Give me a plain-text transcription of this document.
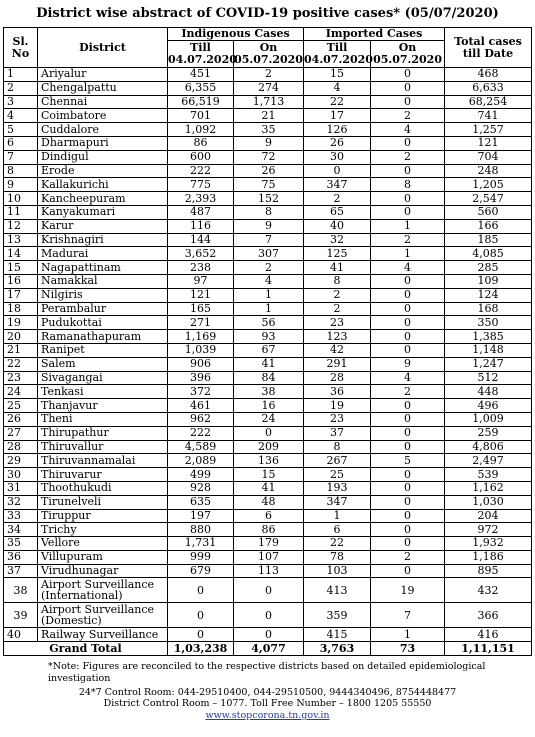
District wise abstract of COVID-19 positive cases* (05/07/2020)
Sl. No	District	Indigenous Cases		Imported Cases		Total cases till Date
		Till 04.07.2020	On 05.07.2020	Till 04.07.2020	On 05.07.2020	
1	Ariyalur	451	2	15	0	468
2	Chengalpattu	6,355	274	4	0	6,633
3	Chennai	66,519	1,713	22	0	68,254
4	Coimbatore	701	21	17	2	741
5	Cuddalore	1,092	35	126	4	1,257
6	Dharmapuri	86	9	26	0	121
7	Dindigul	600	72	30	2	704
8	Erode	222	26	0	0	248
9	Kallakurichi	775	75	347	8	1,205
10	Kancheepuram	2,393	152	2	0	2,547
11	Kanyakumari	487	8	65	0	560
12	Karur	116	9	40	1	166
13	Krishnagiri	144	7	32	2	185
14	Madurai	3,652	307	125	1	4,085
15	Nagapattinam	238	2	41	4	285
16	Namakkal	97	4	8	0	109
17	Nilgiris	121	1	2	0	124
18	Perambalur	165	1	2	0	168
19	Pudukottai	271	56	23	0	350
20	Ramanathapuram	1,169	93	123	0	1,385
21	Ranipet	1,039	67	42	0	1,148
22	Salem	906	41	291	9	1,247
23	Sivagangai	396	84	28	4	512
24	Tenkasi	372	38	36	2	448
25	Thanjavur	461	16	19	0	496
26	Theni	962	24	23	0	1,009
27	Thirupathur	222	0	37	0	259
28	Thiruvallur	4,589	209	8	0	4,806
29	Thiruvannamalai	2,089	136	267	5	2,497
30	Thiruvarur	499	15	25	0	539
31	Thoothukudi	928	41	193	0	1,162
32	Tirunelveli	635	48	347	0	1,030
33	Tiruppur	197	6	1	0	204
34	Trichy	880	86	6	0	972
35	Vellore	1,731	179	22	0	1,932
36	Villupuram	999	107	78	2	1,186
37	Virudhunagar	679	113	103	0	895
38	Airport Surveillance (International)	0	0	413	19	432
39	Airport Surveillance (Domestic)	0	0	359	7	366
40	Railway Surveillance	0	0	415	1	416
Grand Total		1,03,238	4,077	3,763	73	1,11,151
*Note: Figures are reconciled to the respective districts based on detailed epidemiological investigation
24*7 Control Room: 044-29510400, 044-29510500, 9444340496, 8754448477
District Control Room – 1077. Toll Free Number – 1800 1205 55550
www.stopcorona.tn.gov.in
